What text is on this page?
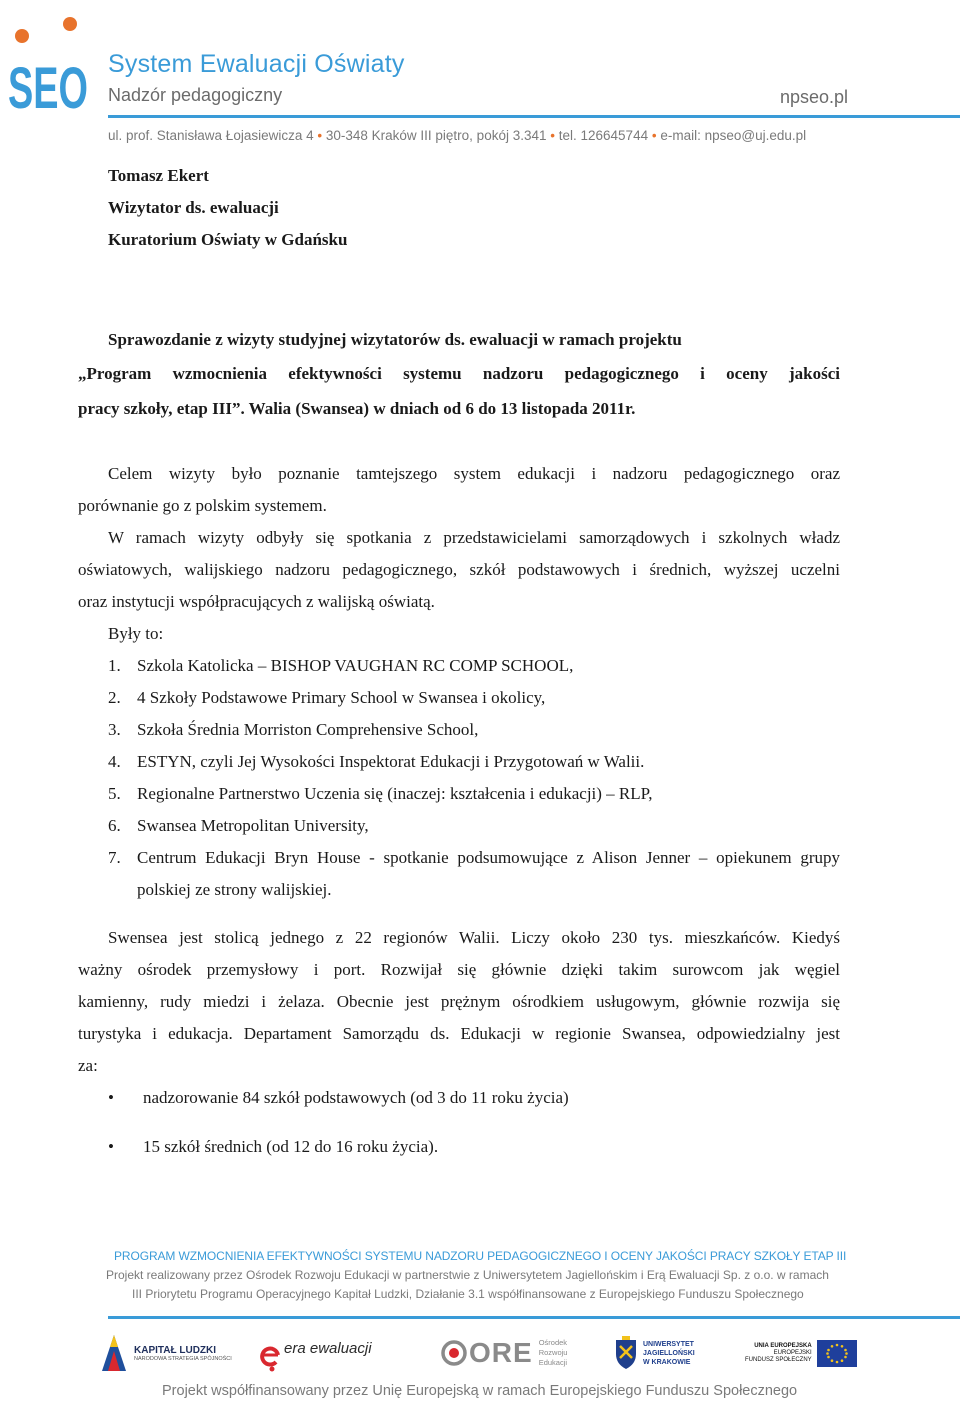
SEO System Ewaluacji Oświaty
Nadzór pedagogiczny	npseo.pl
ul. prof. Stanisława Łojasiewicza 4 • 30-348 Kraków III piętro, pokój 3.341 • tel. 126645744 • e-mail: npseo@uj.edu.pl
Tomasz Ekert
Wizytator ds. ewaluacji
Kuratorium Oświaty w Gdańsku
Sprawozdanie z wizyty studyjnej wizytatorów ds. ewaluacji w ramach projektu
„Program wzmocnienia efektywności systemu nadzoru pedagogicznego i oceny jakości
pracy szkoły, etap III”. Walia (Swansea) w dniach od 6 do 13 listopada 2011r.
Celem wizyty było poznanie tamtejszego system edukacji i nadzoru pedagogicznego oraz
porównanie go z polskim systemem.
W ramach wizyty odbyły się spotkania z przedstawicielami samorządowych i szkolnych władz
oświatowych, walijskiego nadzoru pedagogicznego, szkół podstawowych i średnich, wyższej uczelni
oraz instytucji współpracujących z walijską oświatą.
Były to:
1. Szkola Katolicka – BISHOP VAUGHAN RC COMP SCHOOL,
2. 4 Szkoły Podstawowe Primary School w Swansea i okolicy,
3. Szkoła Średnia Morriston Comprehensive School,
4. ESTYN, czyli Jej Wysokości Inspektorat Edukacji i Przygotowań w Walii.
5. Regionalne Partnerstwo Uczenia się (inaczej: kształcenia i edukacji) – RLP,
6. Swansea Metropolitan University,
7. Centrum Edukacji Bryn House - spotkanie podsumowujące z Alison Jenner – opiekunem grupy polskiej ze strony walijskiej.
Swensea jest stolicą jednego z 22 regionów Walii. Liczy około 230 tys. mieszkańców. Kiedyś
ważny ośrodek przemysłowy i port. Rozwijał się głównie dzięki takim surowcom jak węgiel
kamienny, rudy miedzi i żelaza. Obecnie jest prężnym ośrodkiem usługowym, głównie rozwija się
turystyka i edukacja. Departament Samorządu ds. Edukacji w regionie Swansea, odpowiedzialny jest
za:
•	nadzorowanie 84 szkół podstawowych (od 3 do 11 roku życia)
•	15 szkół średnich (od 12 do 16 roku życia).
PROGRAM WZMOCNIENIA EFEKTYWNOŚCI SYSTEMU NADZORU PEDAGOGICZNEGO I OCENY JAKOŚCI PRACY SZKOŁY ETAP III
Projekt realizowany przez Ośrodek Rozwoju Edukacji w partnerstwie z Uniwersytetem Jagiellońskim i Erą Ewaluacji Sp. z o.o. w ramach
III Priorytetu Programu Operacyjnego Kapitał Ludzki, Działanie 3.1 współfinansowane z Europejskiego Funduszu Społecznego
KAPITAŁ LUDZKI
NARODOWA STRATEGIA SPÓJNOŚCI
era ewaluacji	ORE Ośrodek
Rozwoju
Edukacji
UNIWERSYTET
JAGIELLOŃSKI
W KRAKOWIE
UNIA EUROPEJSKA
EUROPEJSKI
FUNDUSZ SPOŁECZNY
Projekt współfinansowany przez Unię Europejską w ramach Europejskiego Funduszu Społecznego
